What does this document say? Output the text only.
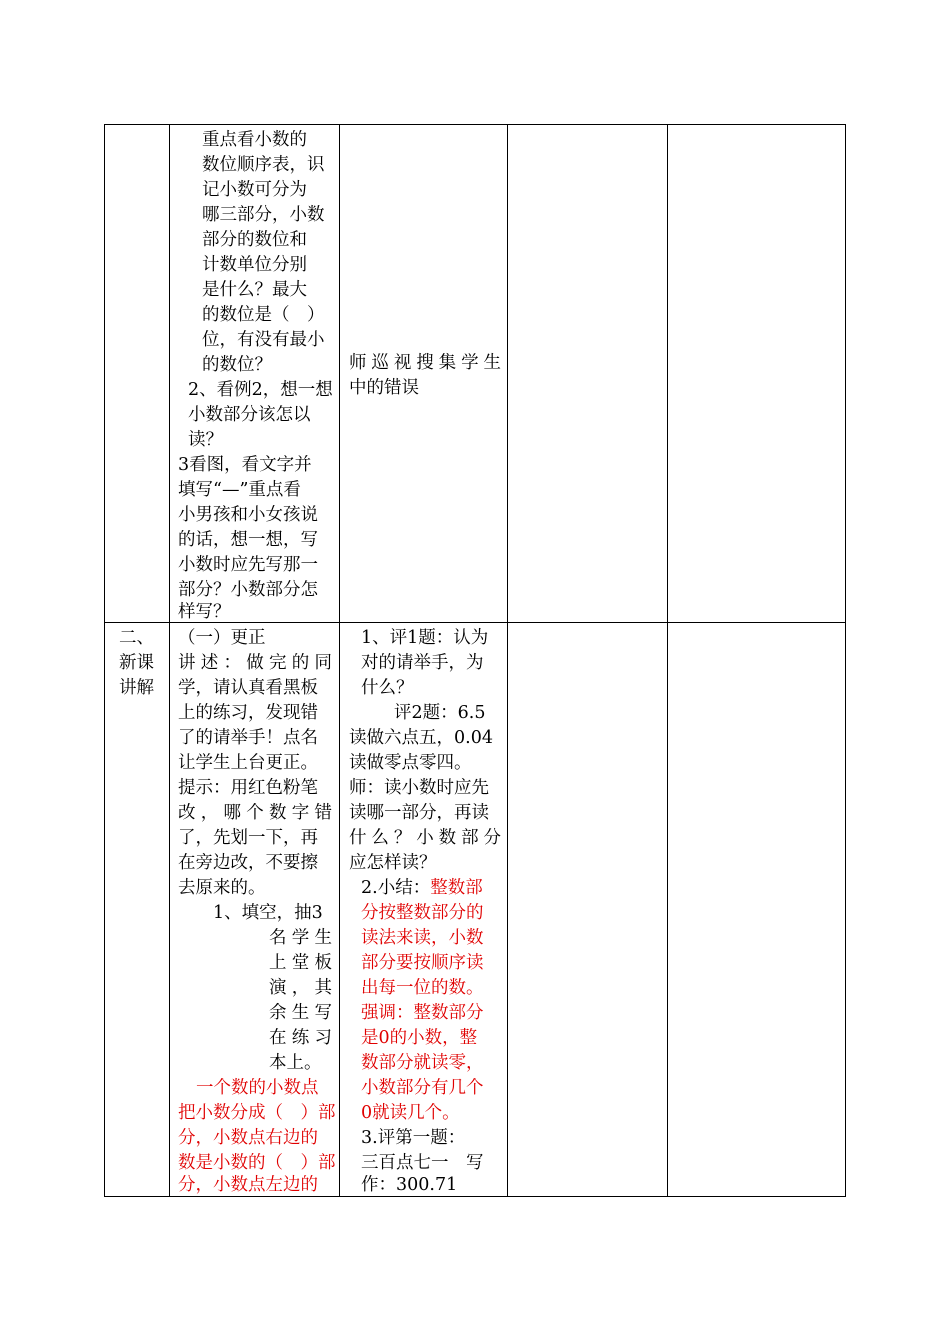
重点看小数的
数位顺序表，识
记小数可分为
哪三部分，小数
部分的数位和
计数单位分别
是什么？最大
的数位是（　）
位，有没有最小
的数位？
2、看例2，想一想
小数部分该怎以
读？
3看图，看文字并
填写“—”重点看
小男孩和小女孩说
的话，想一想，写
小数时应先写那一
部分？小数部分怎
样写？
师巡视搜集学生
中的错误
二、
新课
讲解
（一）更正
讲述：做完的同
学，请认真看黑板
上的练习，发现错
了的请举手！点名
让学生上台更正。
提示：用红色粉笔
改，哪个数字错
了，先划一下，再
在旁边改，不要擦
去原来的。
1、填空，抽3
名学生
上堂板
演，其
余生写
在练习
本上。
一个数的小数点
把小数分成（　）部
分，小数点右边的
数是小数的（　）部
分，小数点左边的
1、评1题：认为
对的请举手，为
什么？
评2题：6.5
读做六点五，0.04
读做零点零四。
师：读小数时应先
读哪一部分，再读
什么？小数部分
应怎样读？
2.小结：整数部
分按整数部分的
读法来读，小数
部分要按顺序读
出每一位的数。
强调：整数部分
是0的小数，整
数部分就读零，
小数部分有几个
0就读几个。
3.评第一题：
三百点七一　写
作：300.71
